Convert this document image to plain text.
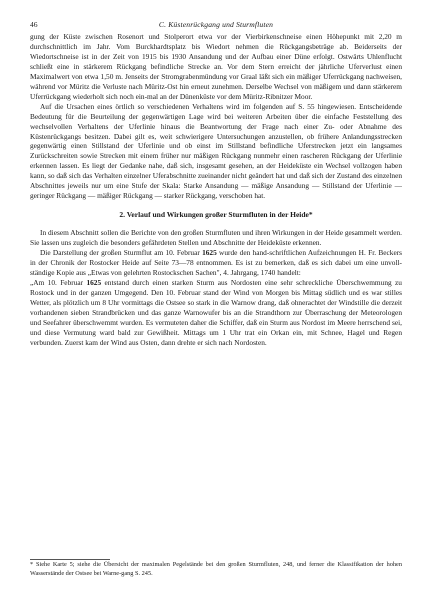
46	C. Küstenrückgang und Sturmfluten

gung der Küste zwischen Rosenort und Stolperort etwa vor der Vierbirkenschneise einen Höhepunkt mit 2,20 m durchschnittlich im Jahr. Vom Burckhardtsplatz bis Wiedort nehmen die Rückgangsbeträge ab. Beiderseits der Wiedortschneise ist in der Zeit von 1915 bis 1930 Ansandung und der Aufbau einer Düne erfolgt. Ostwärts Uhlenflucht schließt eine in stärkerem Rückgang befindliche Strecke an. Vor dem Stern erreicht der jährliche Uferverlust einen Maximalwert von etwa 1,50 m. Jenseits der Stromgrabenmündung vor Graal läßt sich ein mäßiger Uferrückgang nachweisen, während vor Müritz die Verluste nach Müritz-Ost hin erneut zunehmen. Derselbe Wechsel von mäßigem und dann stärkerem Uferrückgang wiederholt sich noch ein-mal an der Dünenküste vor dem Müritz-Ribnitzer Moor.

Auf die Ursachen eines örtlich so verschiedenen Verhaltens wird im folgenden auf S. 55 hingewiesen. Entscheidende Bedeutung für die Beurteilung der gegenwärtigen Lage wird bei weiteren Arbeiten über die einfache Feststellung des wechselvollen Verhaltens der Uferlinie hinaus die Beantwortung der Frage nach einer Zu- oder Abnahme des Küstenrückgangs besitzen. Dabei gilt es, weit schwierigere Untersuchungen anzustellen, ob frühere Anlandungsstrecken gegenwärtig einen Stillstand der Uferlinie und ob einst im Stillstand befindliche Uferstrecken jetzt ein langsames Zurückschreiten sowie Strecken mit einem früher nur mäßigen Rückgang nunmehr einen rascheren Rückgang der Uferlinie erkennen lassen. Es liegt der Gedanke nahe, daß sich, insgesamt gesehen, an der Heideküste ein Wechsel vollzogen haben kann, so daß sich das Verhalten einzelner Uferabschnitte zueinander nicht geändert hat und daß sich der Zustand des einzelnen Abschnittes jeweils nur um eine Stufe der Skala: Starke Ansandung — mäßige Ansandung — Stillstand der Uferlinie — geringer Rückgang — mäßiger Rückgang — starker Rückgang, verschoben hat.

2. Verlauf und Wirkungen großer Sturmfluten in der Heide*

In diesem Abschnitt sollen die Berichte von den großen Sturmfluten und ihren Wirkungen in der Heide gesammelt werden. Sie lassen uns zugleich die besonders gefährdeten Stellen und Abschnitte der Heideküste erkennen.

Die Darstellung der großen Sturmflut am 10. Februar 1625 wurde den hand-schriftlichen Aufzeichnungen H. Fr. Beckers in der Chronik der Rostocker Heide auf Seite 73—78 entnommen. Es ist zu bemerken, daß es sich dabei um eine unvoll-ständige Kopie aus „Etwas von gelehrten Rostockschen Sachen", 4. Jahrgang, 1740 handelt:

„Am 10. Februar 1625 entstand durch einen starken Sturm aus Nordosten eine sehr schreckliche Überschwemmung zu Rostock und in der ganzen Umgegend. Den 10. Februar stand der Wind von Morgen bis Mittag südlich und es war stilles Wetter, als plötzlich um 8 Uhr vormittags die Ostsee so stark in die Warnow drang, daß ohnerachtet der Windstille die derzeit vorhandenen sieben Strandbrücken und das ganze Warnowufer bis an die Strandthorn zur Überraschung der Meteorologen und Seefahrer überschwemmt wurden. Es vermuteten daher die Schiffer, daß ein Sturm aus Nordost im Meere herrschend sei, und diese Vermutung ward bald zur Gewißheit. Mittags um 1 Uhr trat ein Orkan ein, mit Schnee, Hagel und Regen verbunden. Zuerst kam der Wind aus Osten, dann drehte er sich nach Nordosten.

* Siehe Karte 5; siehe die Übersicht der maximalen Pegelstände bei den großen Sturmfluten, 248, und ferner die Klassifikation der hohen Wasserstände der Ostsee bei Warne-gang S. 245.
